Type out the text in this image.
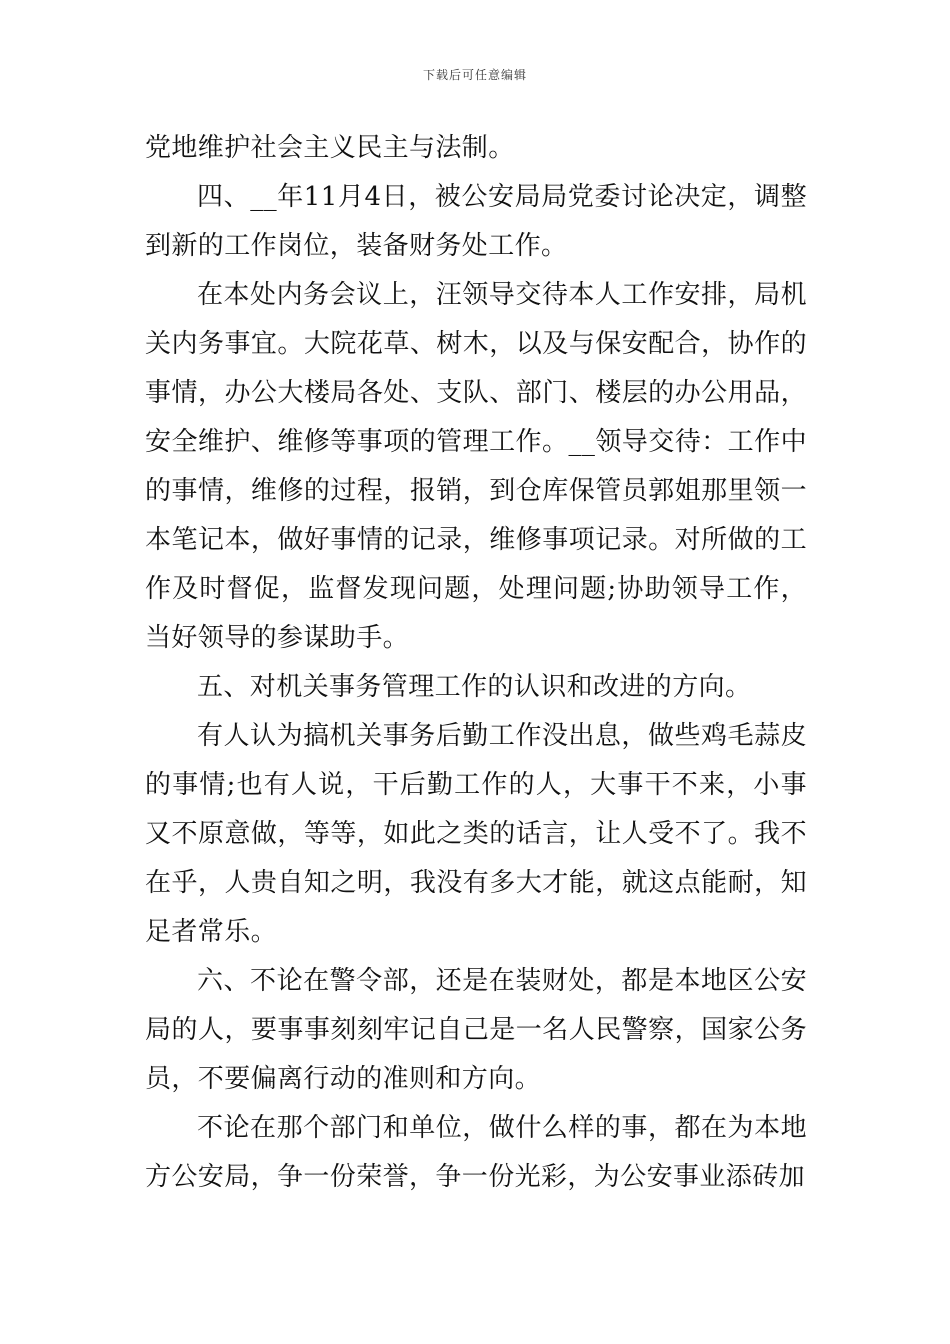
下载后可任意编辑

党地维护社会主义民主与法制。

四、__年11月4日，被公安局局党委讨论决定，调整到新的工作岗位，装备财务处工作。

在本处内务会议上，汪领导交待本人工作安排，局机关内务事宜。大院花草、树木，以及与保安配合，协作的事情，办公大楼局各处、支队、部门、楼层的办公用品，安全维护、维修等事项的管理工作。__领导交待：工作中的事情，维修的过程，报销，到仓库保管员郭姐那里领一本笔记本，做好事情的记录，维修事项记录。对所做的工作及时督促，监督发现问题，处理问题;协助领导工作，当好领导的参谋助手。

五、对机关事务管理工作的认识和改进的方向。

有人认为搞机关事务后勤工作没出息，做些鸡毛蒜皮的事情;也有人说，干后勤工作的人，大事干不来，小事又不原意做，等等，如此之类的话言，让人受不了。我不在乎，人贵自知之明，我没有多大才能，就这点能耐，知足者常乐。

六、不论在警令部，还是在装财处，都是本地区公安局的人，要事事刻刻牢记自己是一名人民警察，国家公务员，不要偏离行动的准则和方向。

不论在那个部门和单位，做什么样的事，都在为本地方公安局，争一份荣誉，争一份光彩，为公安事业添砖加
